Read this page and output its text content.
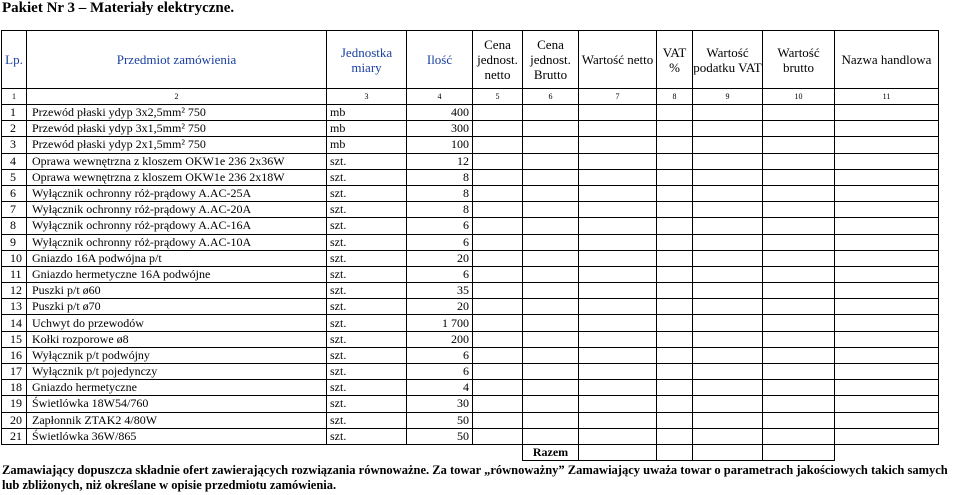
Pakiet Nr 3 – Materiały elektryczne.
Lp.	Przedmiot zamówienia	Jednostka miary	Ilość	Cena jednost. netto	Cena jednost. Brutto	Wartość netto	VAT %	Wartość podatku VAT	Wartość brutto	Nazwa handlowa
1	2	3	4	5	6	7	8	9	10	11
1	Przewód płaski ydyp 3x2,5mm² 750	mb	400							
2	Przewód płaski ydyp 3x1,5mm² 750	mb	300							
3	Przewód płaski ydyp 2x1,5mm² 750	mb	100							
4	Oprawa wewnętrzna z kloszem OKW1e 236 2x36W	szt.	12							
5	Oprawa wewnętrzna z kloszem OKW1e 236 2x18W	szt.	8							
6	Wyłącznik ochronny róż-prądowy A.AC-25A	szt.	8							
7	Wyłącznik ochronny róż-prądowy A.AC-20A	szt.	8							
8	Wyłącznik ochronny róż-prądowy A.AC-16A	szt.	6							
9	Wyłącznik ochronny róż-prądowy A.AC-10A	szt.	6							
10	Gniazdo 16A podwójna p/t	szt.	20							
11	Gniazdo hermetyczne 16A podwójne	szt.	6							
12	Puszki p/t ø60	szt.	35							
13	Puszki p/t ø70	szt.	20							
14	Uchwyt do przewodów	szt.	1 700							
15	Kołki rozporowe ø8	szt.	200							
16	Wyłącznik p/t podwójny	szt.	6							
17	Wyłącznik p/t pojedynczy	szt.	6							
18	Gniazdo hermetyczne	szt.	4							
19	Świetlówka 18W54/760	szt.	30							
20	Zapłonnik ZTAK2 4/80W	szt.	50							
21	Świetlówka 36W/865	szt.	50							
					Razem					
Zamawiający dopuszcza składnie ofert zawierających rozwiązania równoważne. Za towar „równoważny” Zamawiający uważa towar o parametrach jakościowych takich samych lub zbliżonych, niż określane w opisie przedmiotu zamówienia.
